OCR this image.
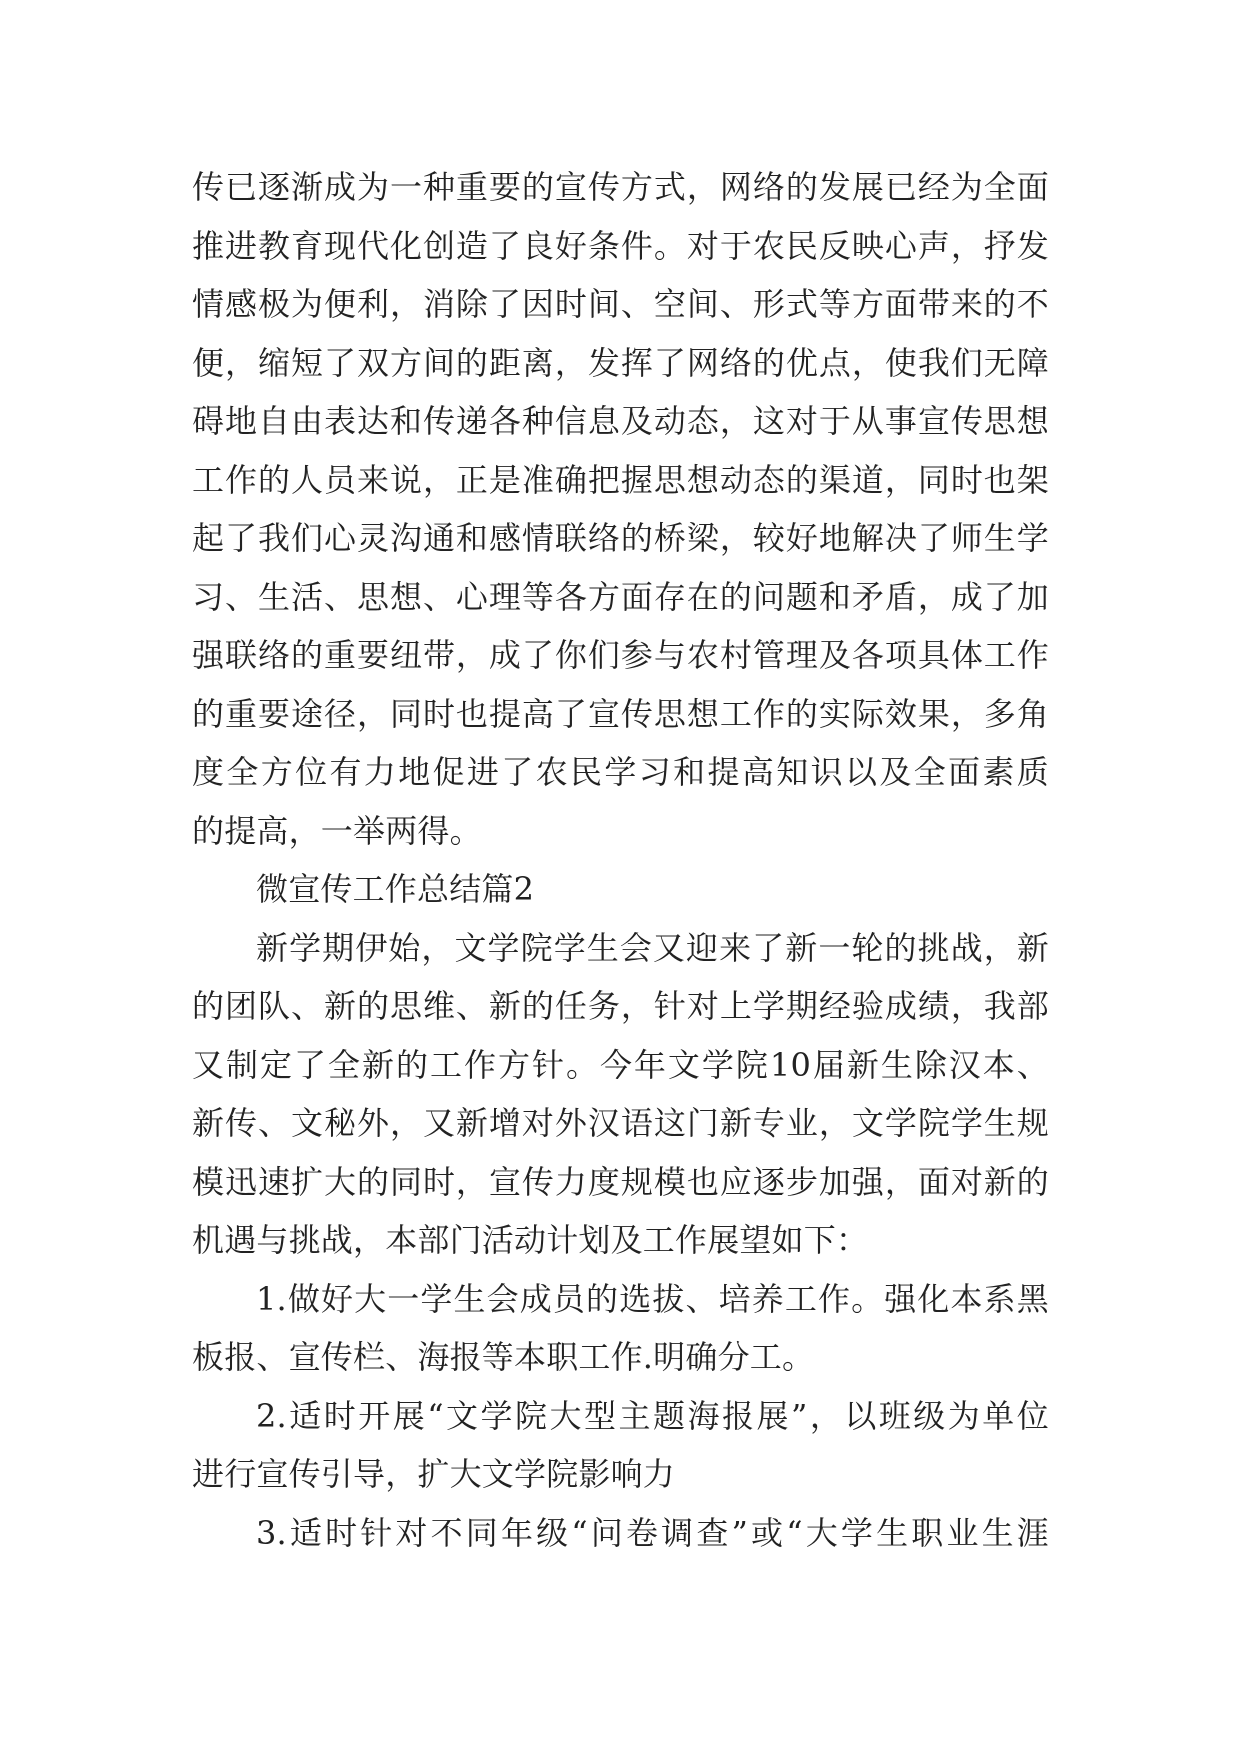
传已逐渐成为一种重要的宣传方式，网络的发展已经为全面
推进教育现代化创造了良好条件。对于农民反映心声，抒发
情感极为便利，消除了因时间、空间、形式等方面带来的不
便，缩短了双方间的距离，发挥了网络的优点，使我们无障
碍地自由表达和传递各种信息及动态，这对于从事宣传思想
工作的人员来说，正是准确把握思想动态的渠道，同时也架
起了我们心灵沟通和感情联络的桥梁，较好地解决了师生学
习、生活、思想、心理等各方面存在的问题和矛盾，成了加
强联络的重要纽带，成了你们参与农村管理及各项具体工作
的重要途径，同时也提高了宣传思想工作的实际效果，多角
度全方位有力地促进了农民学习和提高知识以及全面素质
的提高，一举两得。
微宣传工作总结篇2
新学期伊始，文学院学生会又迎来了新一轮的挑战，新
的团队、新的思维、新的任务，针对上学期经验成绩，我部
又制定了全新的工作方针。今年文学院10届新生除汉本、
新传、文秘外，又新增对外汉语这门新专业，文学院学生规
模迅速扩大的同时，宣传力度规模也应逐步加强，面对新的
机遇与挑战，本部门活动计划及工作展望如下：
1.做好大一学生会成员的选拔、培养工作。强化本系黑
板报、宣传栏、海报等本职工作.明确分工。
2.适时开展“文学院大型主题海报展”，以班级为单位
进行宣传引导，扩大文学院影响力
3.适时针对不同年级“问卷调查”或“大学生职业生涯
